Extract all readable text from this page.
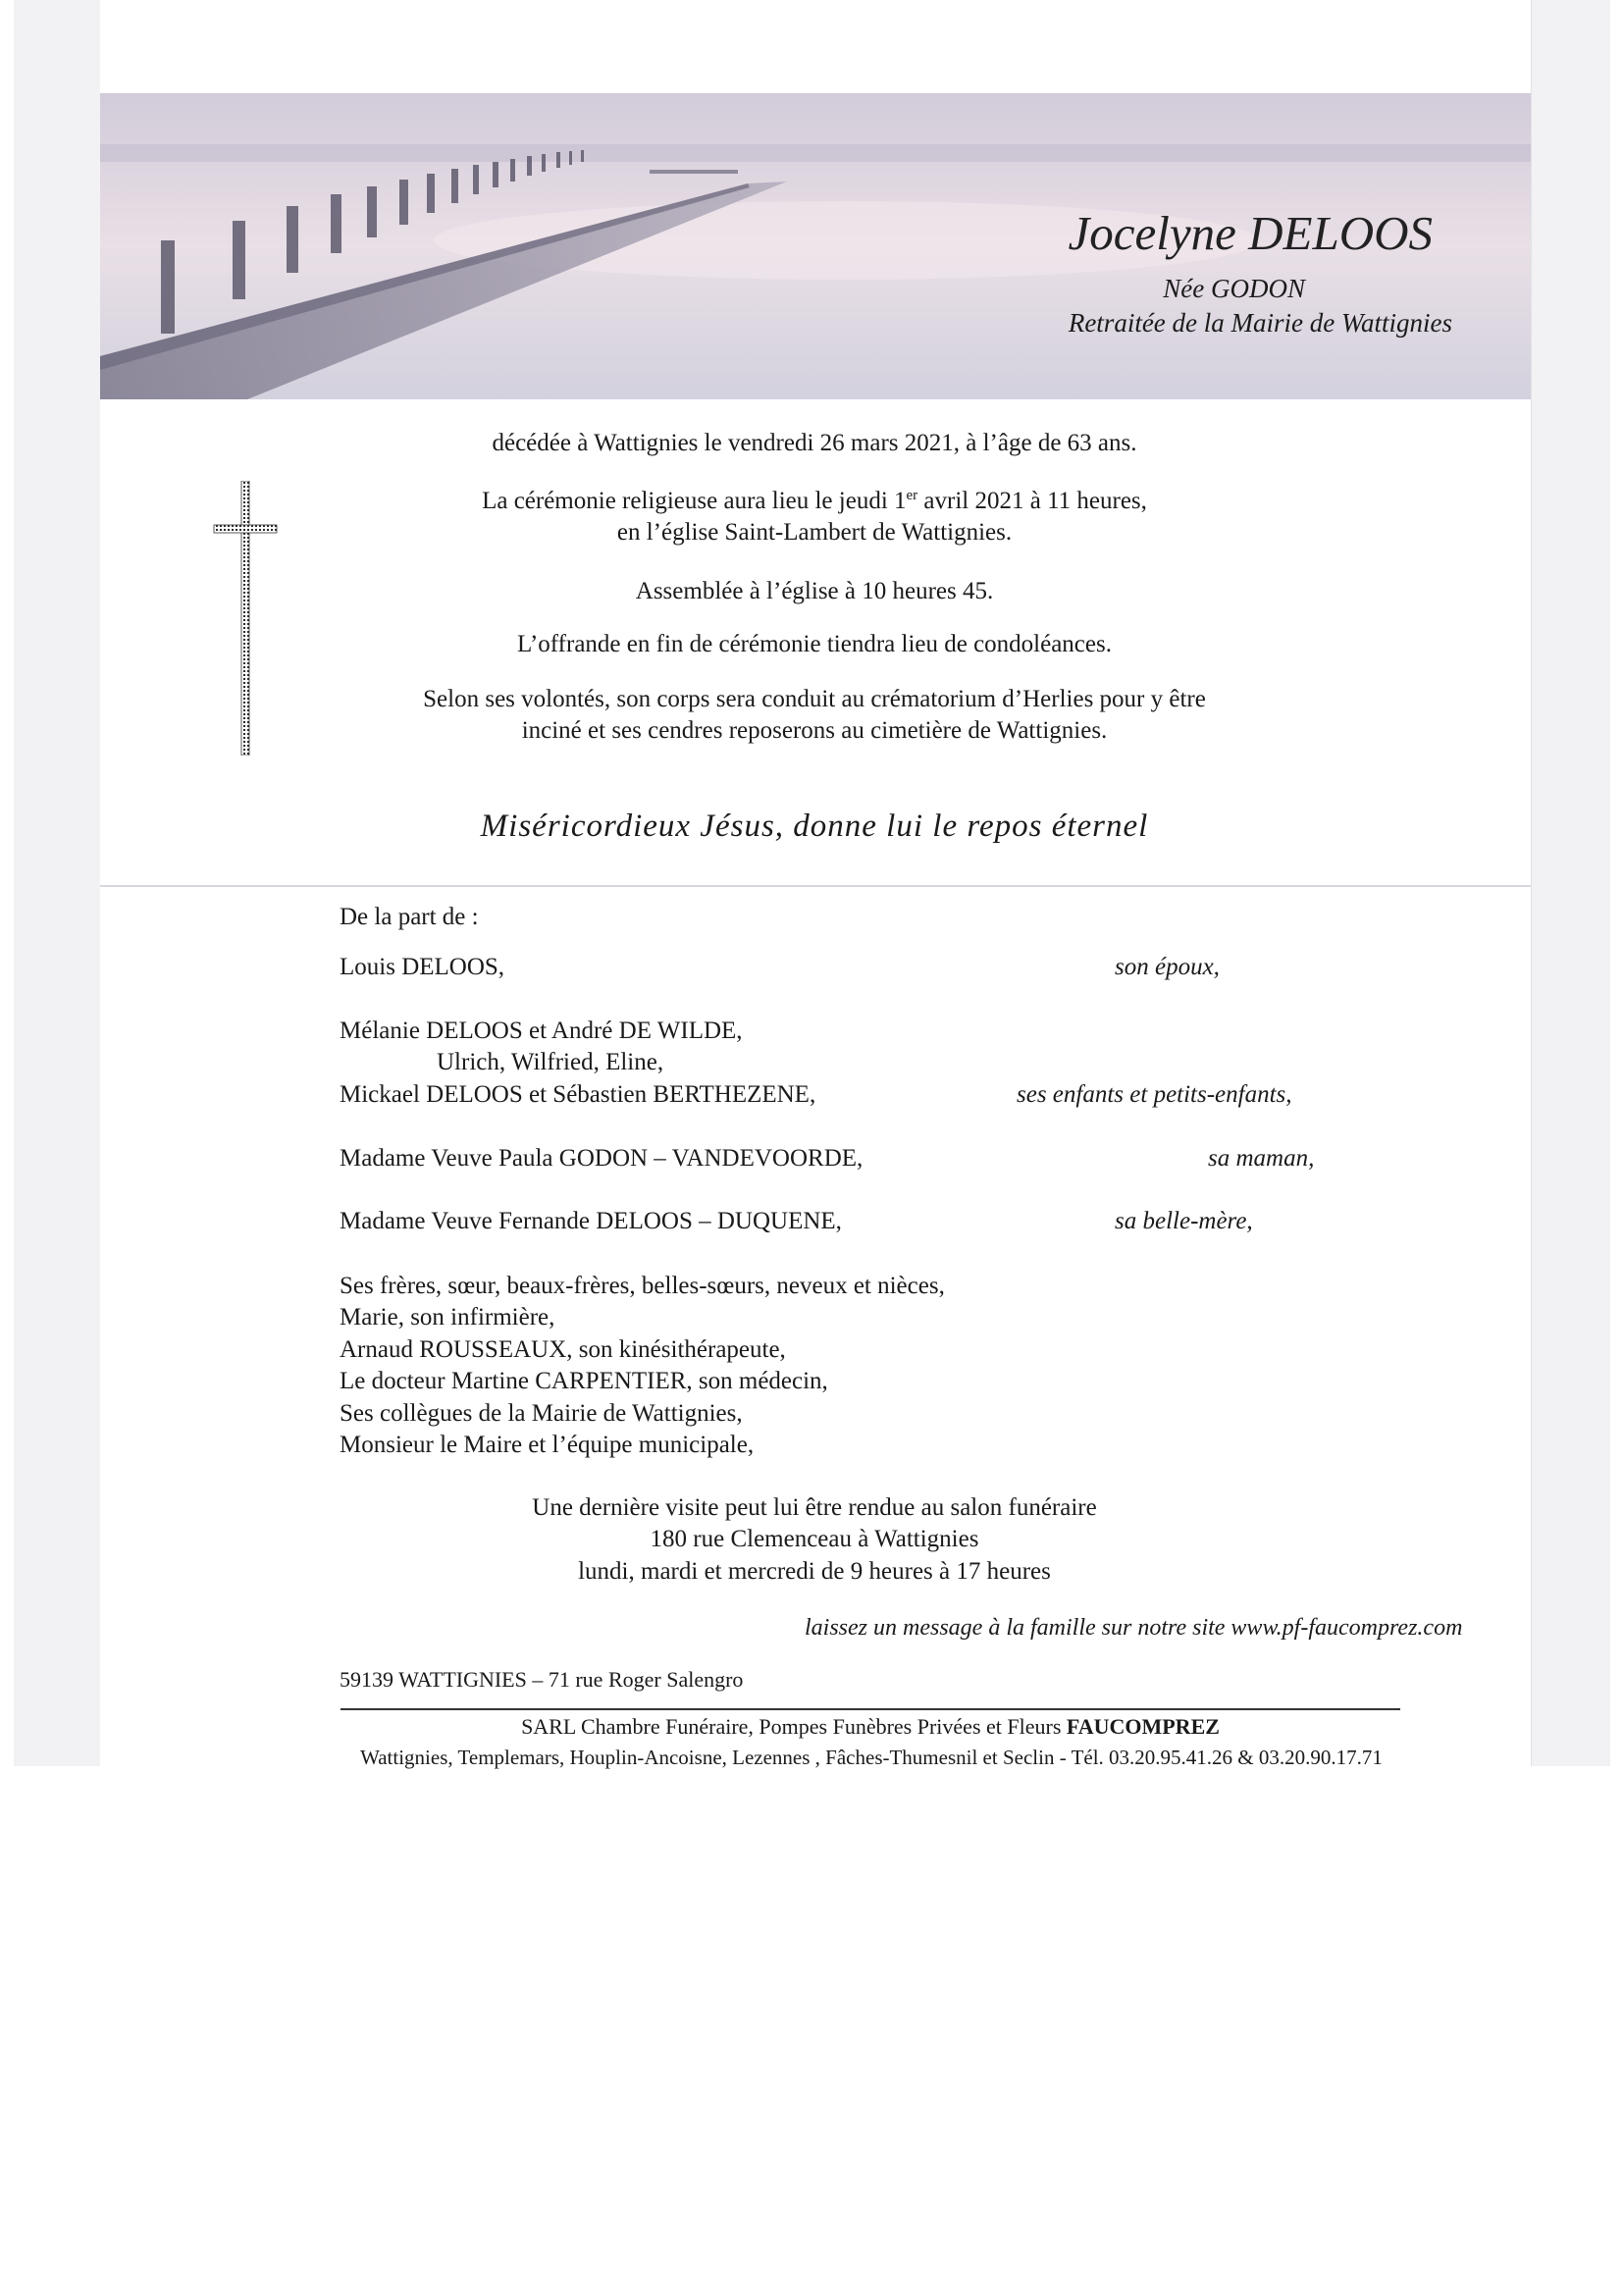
Jocelyne DELOOS
Née GODON
Retraitée de la Mairie de Wattignies
décédée à Wattignies le vendredi 26 mars 2021, à l’âge de 63 ans.
La cérémonie religieuse aura lieu le jeudi 1er avril 2021 à 11 heures,
en l’église Saint-Lambert de Wattignies.
Assemblée à l’église à 10 heures 45.
L’offrande en fin de cérémonie tiendra lieu de condoléances.
Selon ses volontés, son corps sera conduit au crématorium d’Herlies pour y être
inciné et ses cendres reposerons au cimetière de Wattignies.
Miséricordieux Jésus, donne lui le repos éternel
De la part de :
Louis DELOOS,	son époux,
Mélanie DELOOS et André DE WILDE,
Ulrich, Wilfried, Eline,
Mickael DELOOS et Sébastien BERTHEZENE,	ses enfants et petits-enfants,
Madame Veuve Paula GODON – VANDEVOORDE,	sa maman,
Madame Veuve Fernande DELOOS – DUQUENE,	sa belle-mère,
Ses frères, sœur, beaux-frères, belles-sœurs, neveux et nièces,
Marie, son infirmière,
Arnaud ROUSSEAUX, son kinésithérapeute,
Le docteur Martine CARPENTIER, son médecin,
Ses collègues de la Mairie de Wattignies,
Monsieur le Maire et l’équipe municipale,
Une dernière visite peut lui être rendue au salon funéraire
180 rue Clemenceau à Wattignies
lundi, mardi et mercredi de 9 heures à 17 heures
laissez un message à la famille sur notre site www.pf-faucomprez.com
59139 WATTIGNIES – 71 rue Roger Salengro
SARL Chambre Funéraire, Pompes Funèbres Privées et Fleurs FAUCOMPREZ
Wattignies, Templemars, Houplin-Ancoisne, Lezennes , Fâches-Thumesnil et Seclin - Tél. 03.20.95.41.26 & 03.20.90.17.71
